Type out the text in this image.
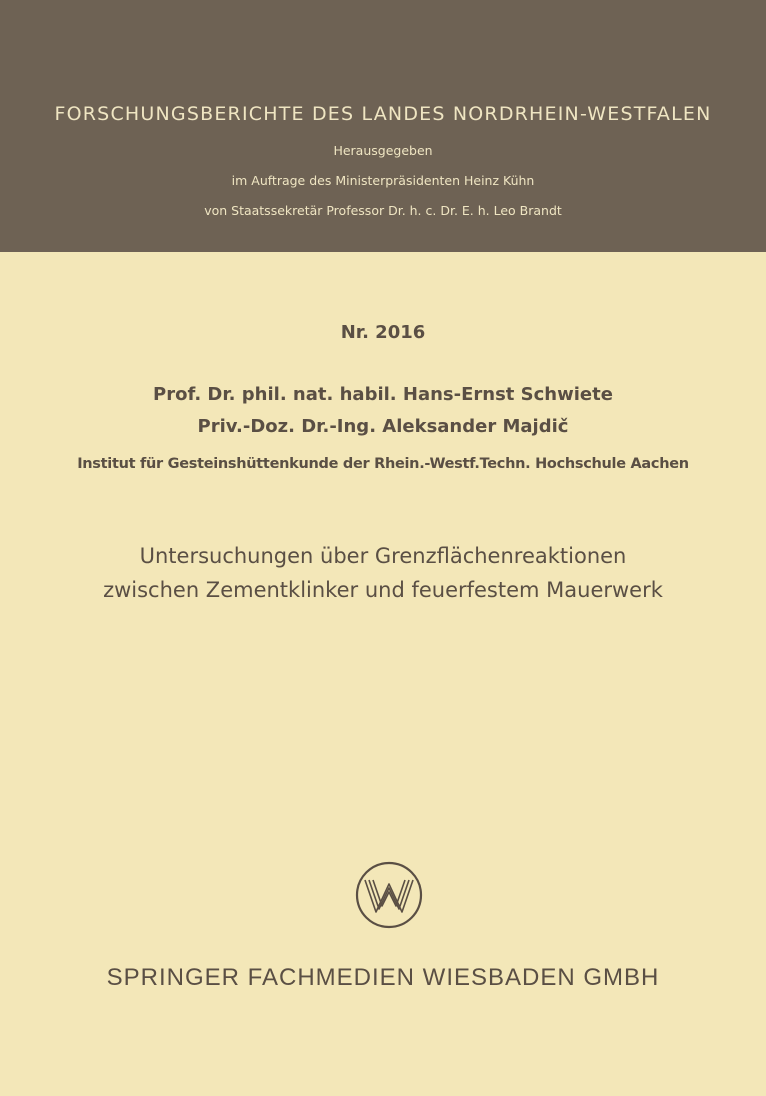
FORSCHUNGSBERICHTE DES LANDES NORDRHEIN-WESTFALEN
Herausgegeben
im Auftrage des Ministerpräsidenten Heinz Kühn
von Staatssekretär Professor Dr. h. c. Dr. E. h. Leo Brandt
Nr. 2016
Prof. Dr. phil. nat. habil. Hans-Ernst Schwiete
Priv.-Doz. Dr.-Ing. Aleksander Majdič
Institut für Gesteinshüttenkunde der Rhein.-Westf.Techn. Hochschule Aachen
Untersuchungen über Grenzflächenreaktionen
zwischen Zementklinker und feuerfestem Mauerwerk
SPRINGER FACHMEDIEN WIESBADEN GMBH
